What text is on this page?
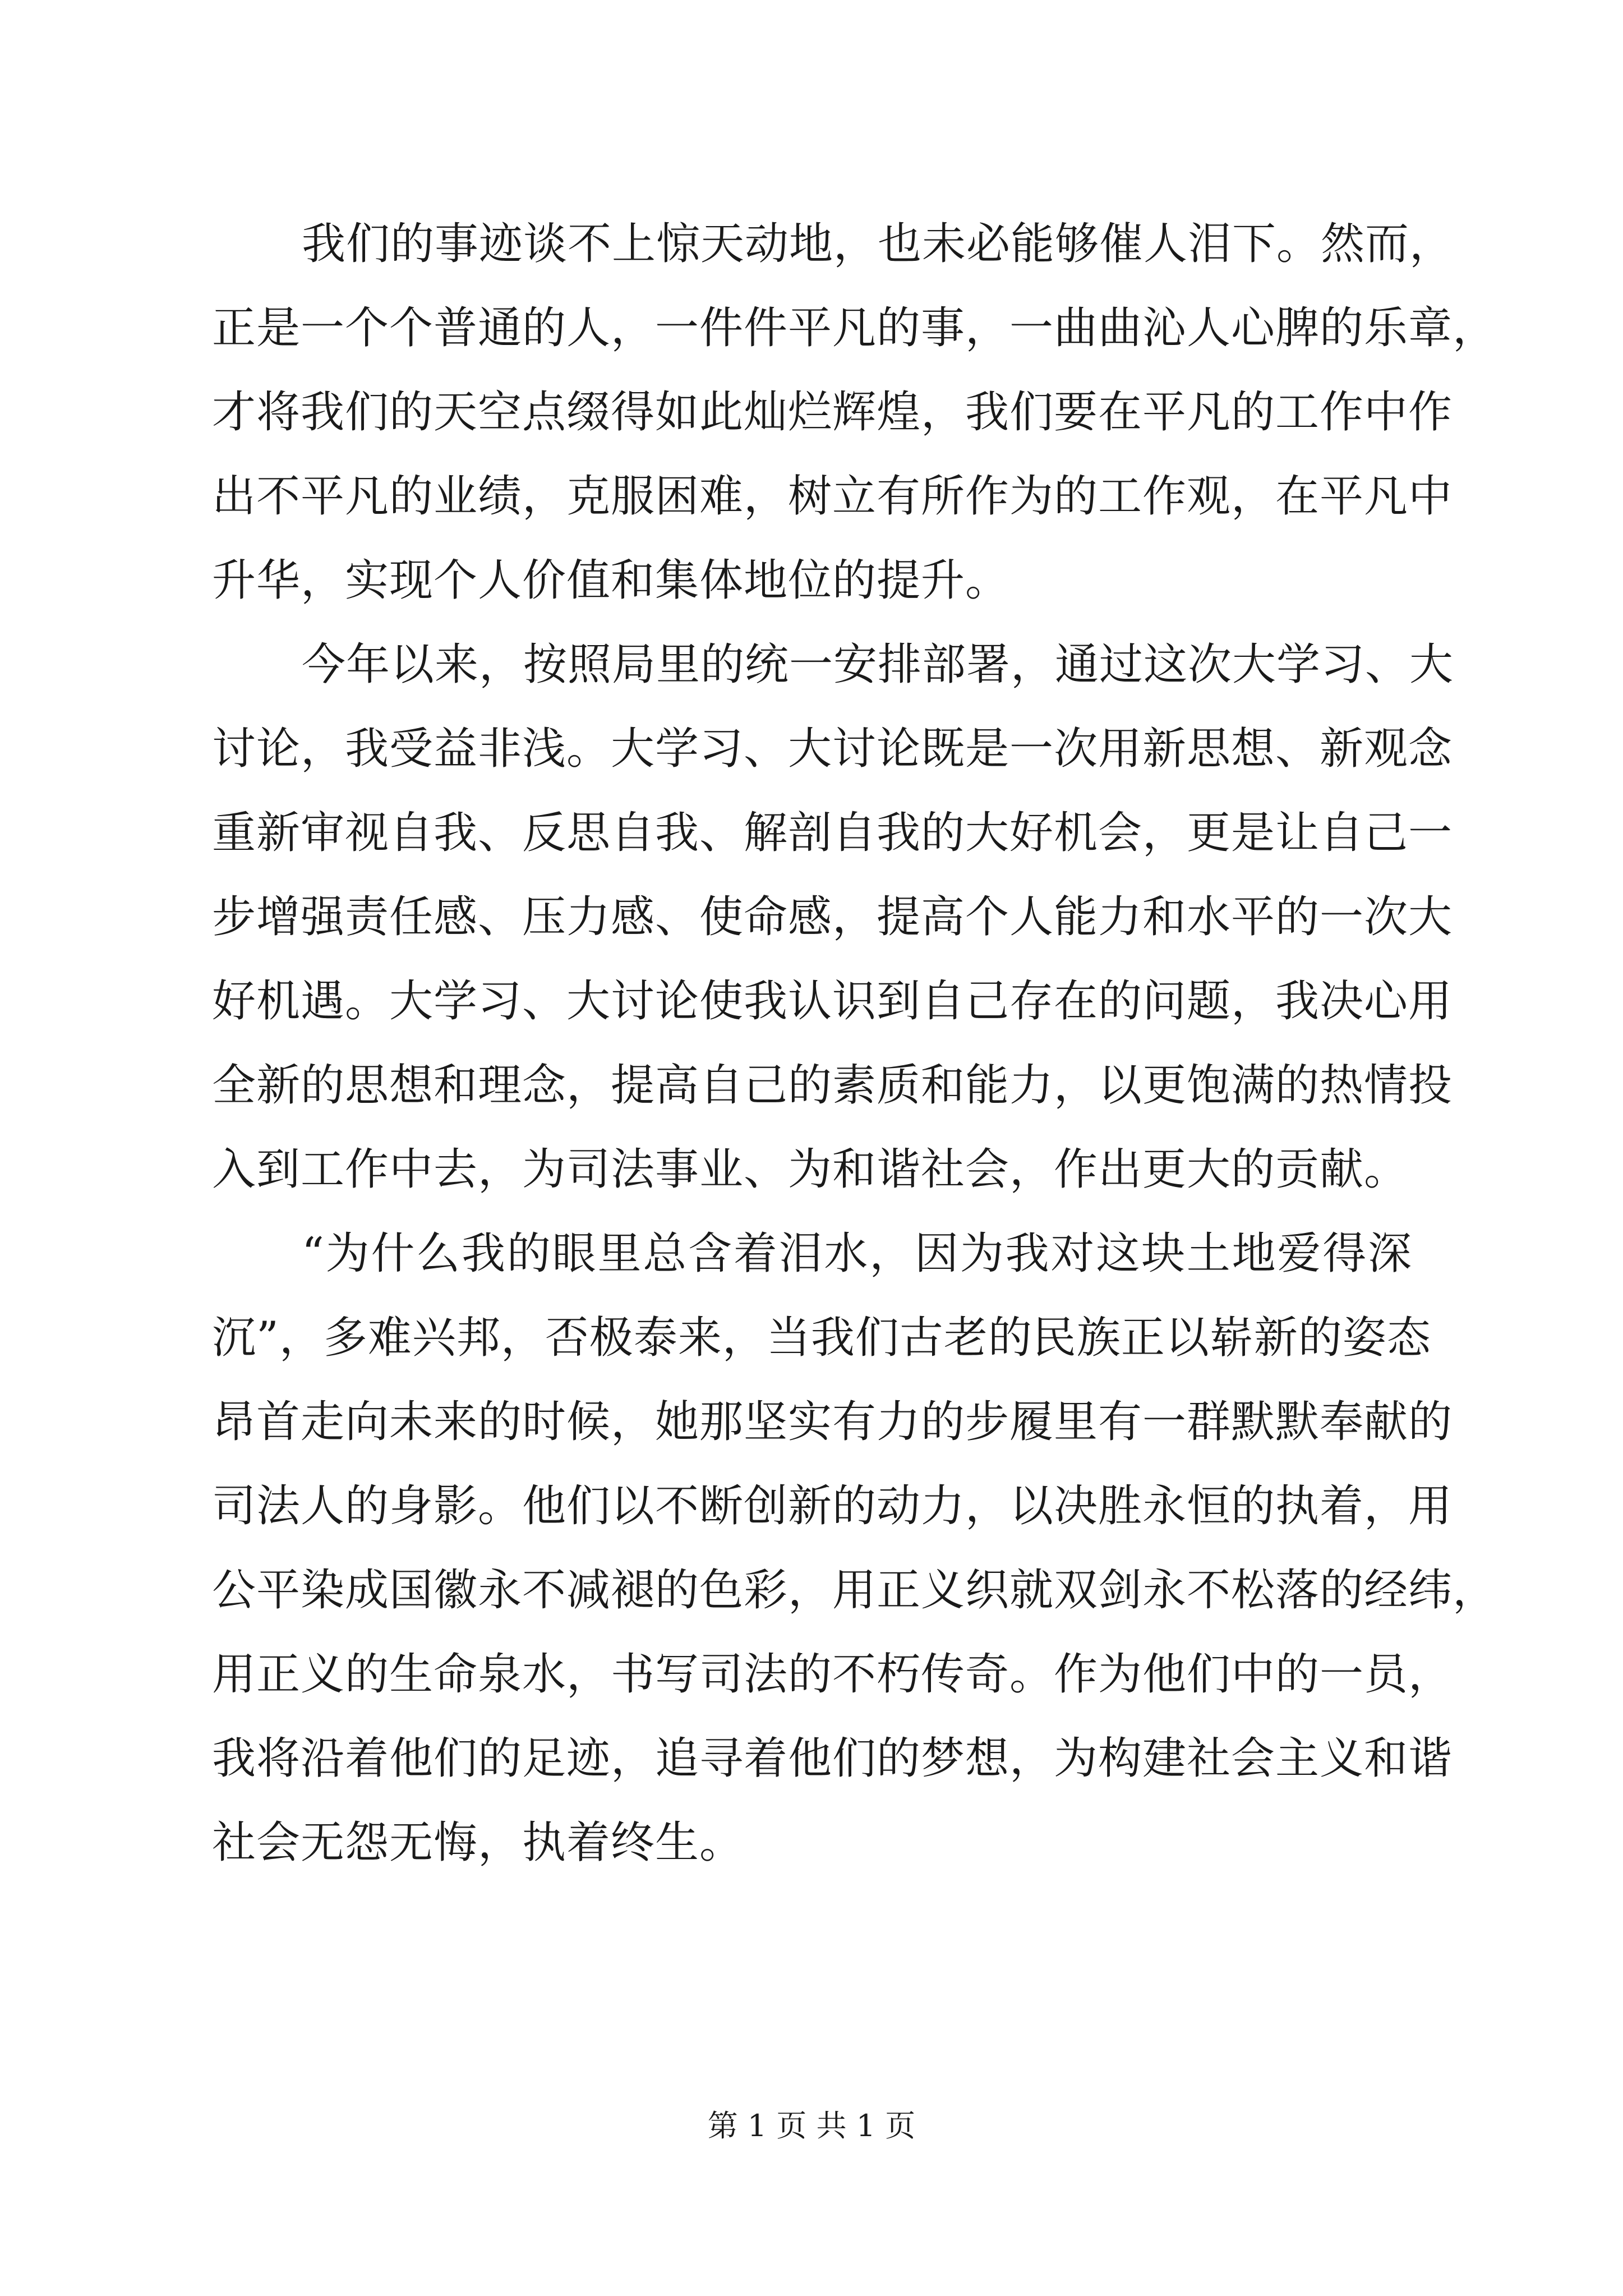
我们的事迹谈不上惊天动地，也未必能够催人泪下。然而，
正是一个个普通的人，一件件平凡的事，一曲曲沁人心脾的乐章，
才将我们的天空点缀得如此灿烂辉煌，我们要在平凡的工作中作
出不平凡的业绩，克服困难，树立有所作为的工作观，在平凡中
升华，实现个人价值和集体地位的提升。
今年以来，按照局里的统一安排部署，通过这次大学习、大
讨论，我受益非浅。大学习、大讨论既是一次用新思想、新观念
重新审视自我、反思自我、解剖自我的大好机会，更是让自己一
步增强责任感、压力感、使命感，提高个人能力和水平的一次大
好机遇。大学习、大讨论使我认识到自己存在的问题，我决心用
全新的思想和理念，提高自己的素质和能力，以更饱满的热情投
入到工作中去，为司法事业、为和谐社会，作出更大的贡献。
“为什么我的眼里总含着泪水，因为我对这块土地爱得深
沉”，多难兴邦，否极泰来，当我们古老的民族正以崭新的姿态
昂首走向未来的时候，她那坚实有力的步履里有一群默默奉献的
司法人的身影。他们以不断创新的动力，以决胜永恒的执着，用
公平染成国徽永不减褪的色彩，用正义织就双剑永不松落的经纬，
用正义的生命泉水，书写司法的不朽传奇。作为他们中的一员，
我将沿着他们的足迹，追寻着他们的梦想，为构建社会主义和谐
社会无怨无悔，执着终生。
第 1 页 共 1 页
